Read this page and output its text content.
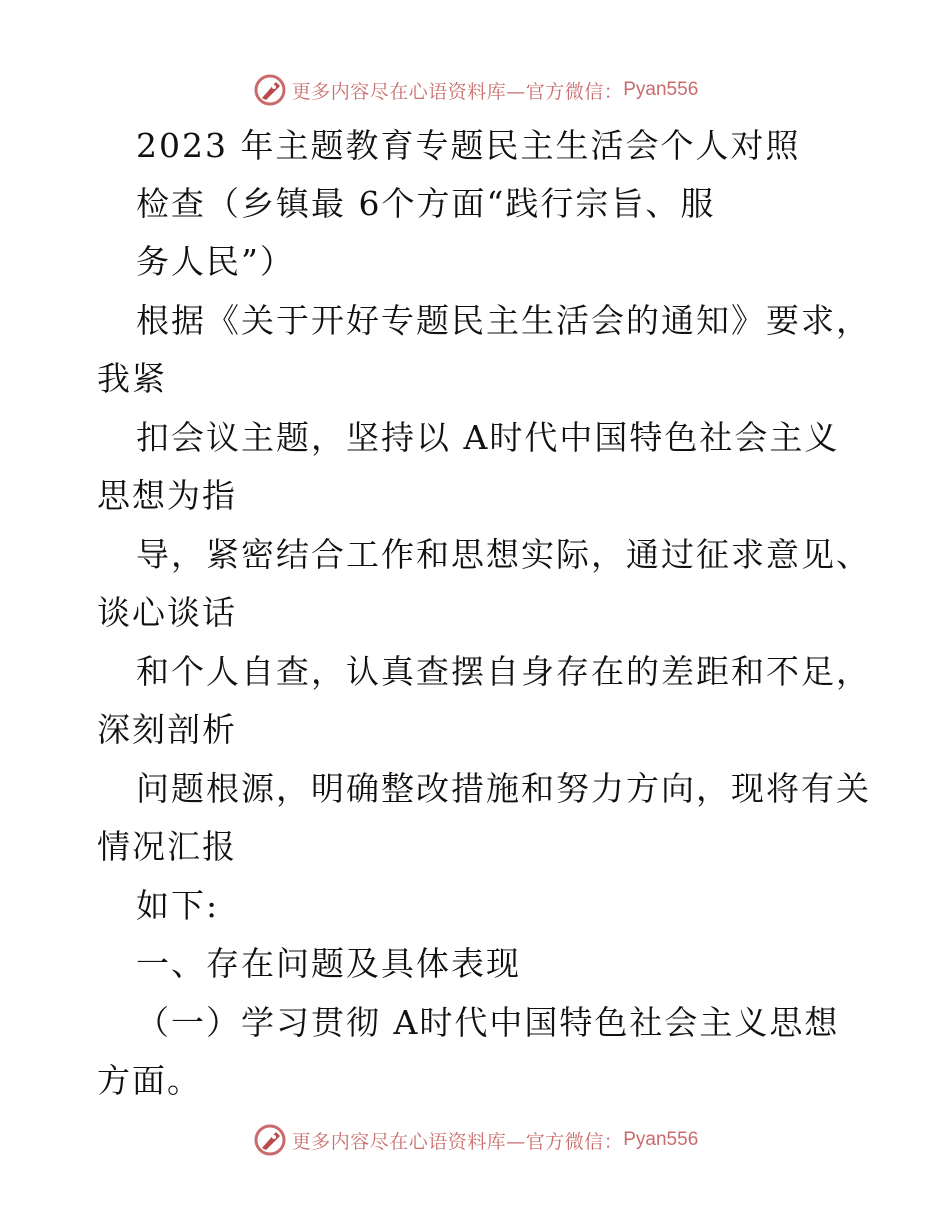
更多内容尽在心语资料库—官方微信： Pyan556
2023 年主题教育专题民主生活会个人对照
检查（乡镇最 6个方面“践行宗旨、服
务人民”）
根据《关于开好专题民主生活会的通知》要求，
我紧
扣会议主题，坚持以 A时代中国特色社会主义
思想为指
导，紧密结合工作和思想实际，通过征求意见、
谈心谈话
和个人自查，认真查摆自身存在的差距和不足，
深刻剖析
问题根源，明确整改措施和努力方向，现将有关
情况汇报
如下:
一、存在问题及具体表现
（一）学习贯彻 A时代中国特色社会主义思想
方面。
更多内容尽在心语资料库—官方微信： Pyan556
